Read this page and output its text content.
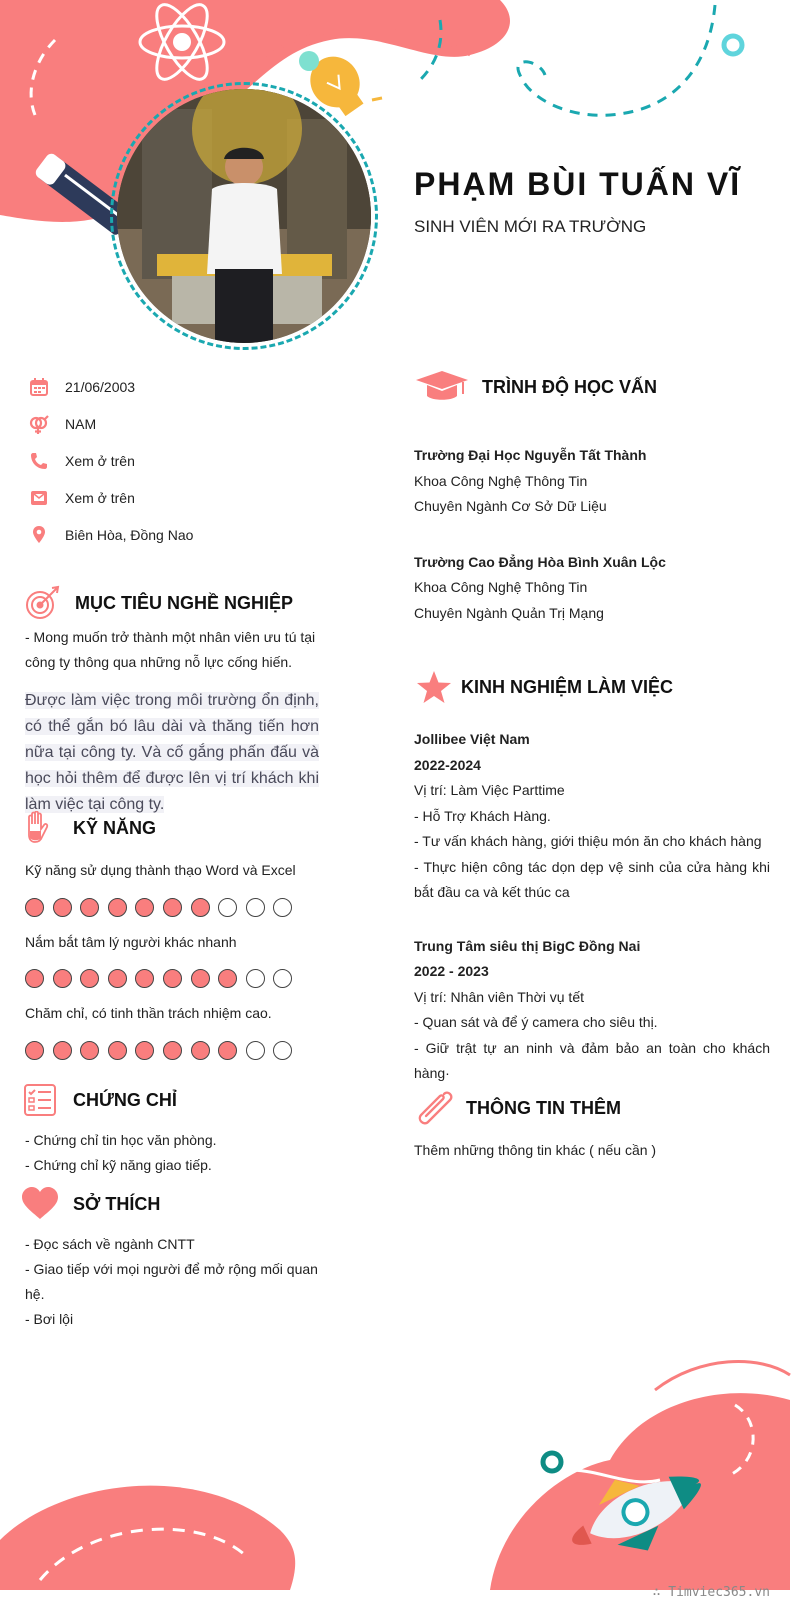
PHẠM BÙI TUẤN VĨ
SINH VIÊN MỚI RA TRƯỜNG
21/06/2003
NAM
Xem ở trên
Xem ở trên
Biên Hòa, Đồng Nao
MỤC TIÊU NGHỀ NGHIỆP
- Mong muốn trở thành một nhân viên ưu tú tại công ty thông qua những nỗ lực cống hiến.
Được làm việc trong môi trường ổn định, có thể gắn bó lâu dài và thăng tiến hơn nữa tại công ty. Và cố gắng phấn đấu và học hỏi thêm để được lên vị trí khách khi làm việc tại công ty.
KỸ NĂNG
Kỹ năng sử dụng thành thạo Word và Excel
Nắm bắt tâm lý người khác nhanh
Chăm chỉ, có tinh thần trách nhiệm cao.
CHỨNG CHỈ

- Chứng chỉ tin học văn phòng.

- Chứng chỉ kỹ năng giao tiếp.

SỞ THÍCH

- Đọc sách về ngành CNTT

- Giao tiếp với mọi người để mở rộng mối quan hệ.

- Bơi lội

TRÌNH ĐỘ HỌC VẤN

Trường Đại Học Nguyễn Tất Thành

Khoa Công Nghệ Thông Tin

Chuyên Ngành Cơ Sở Dữ Liệu

Trường Cao Đẳng Hòa Bình Xuân Lộc

Khoa Công Nghệ Thông Tin

Chuyên Ngành Quản Trị Mạng

KINH NGHIỆM LÀM VIỆC

Jollibee Việt Nam

2022-2024

Vị trí: Làm Việc Parttime

- Hỗ Trợ Khách Hàng.

- Tư vấn khách hàng, giới thiệu món ăn cho khách hàng

- Thực hiện công tác dọn dẹp vệ sinh của cửa hàng khi bắt đầu ca và kết thúc ca

Trung Tâm siêu thị BigC Đồng Nai

2022 - 2023

Vị trí: Nhân viên Thời vụ tết

- Quan sát và để ý camera cho siêu thị.

- Giữ trật tự an ninh và đảm bảo an toàn cho khách hàng·

THÔNG TIN THÊM
Thêm những thông tin khác ( nếu cần )
∴ Timviec365.vn
